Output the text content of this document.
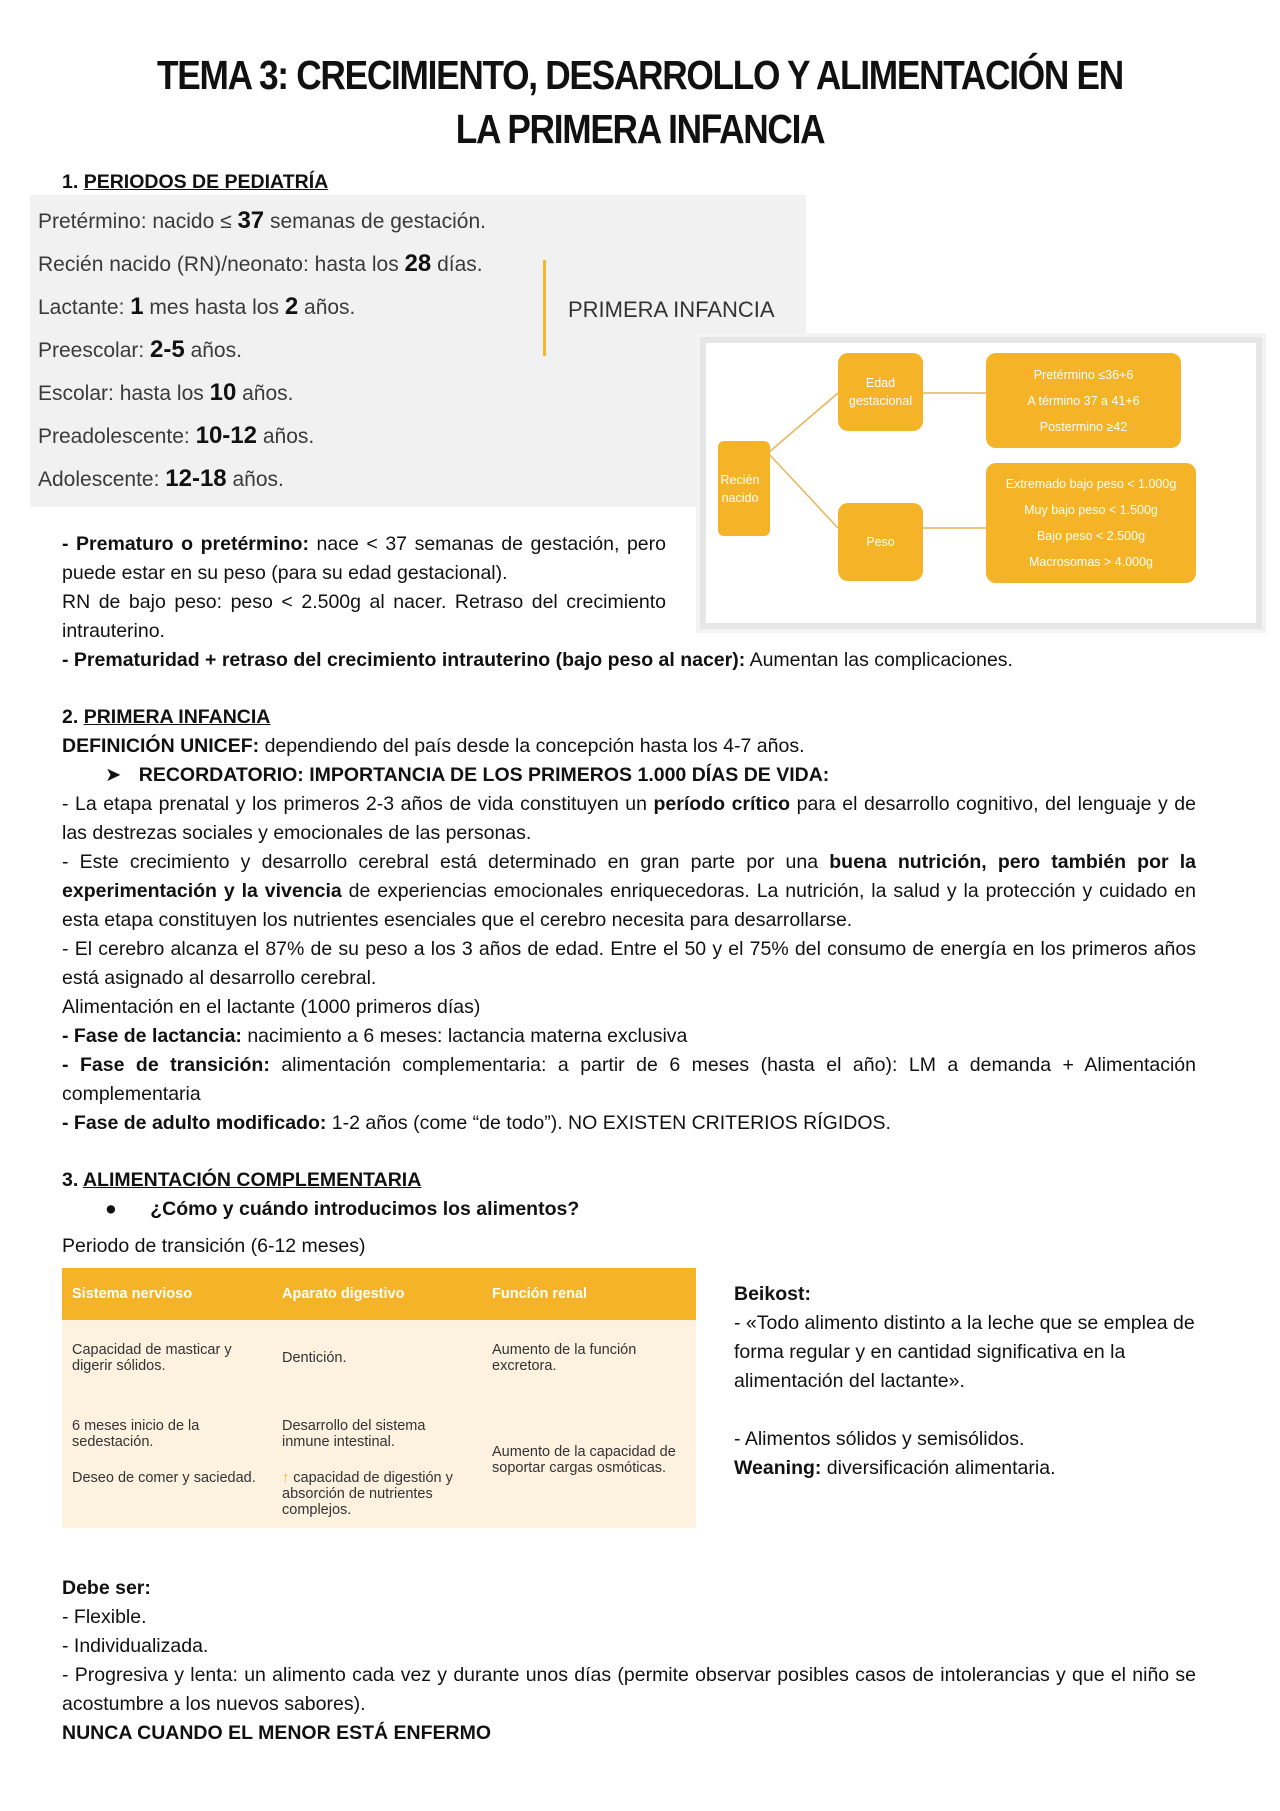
TEMA 3: CRECIMIENTO, DESARROLLO Y ALIMENTACIÓN EN LA PRIMERA INFANCIA
1. PERIODOS DE PEDIATRÍA
Pretérmino: nacido ≤ 37 semanas de gestación.
Recién nacido (RN)/neonato: hasta los 28 días.
Lactante: 1 mes hasta los 2 años.
Preescolar: 2-5 años.
Escolar: hasta los 10 años.
Preadolescente: 10-12 años.
Adolescente: 12-18 años.
PRIMERA INFANCIA
Recién nacido
Edad gestacional
Peso
Pretérmino ≤36+6
A término 37 a 41+6
Postermino ≥42
Extremado bajo peso < 1.000g
Muy bajo peso < 1.500g
Bajo peso < 2.500g
Macrosomas > 4.000g
- Prematuro o pretérmino: nace < 37 semanas de gestación, pero puede estar en su peso (para su edad gestacional).
RN de bajo peso: peso < 2.500g al nacer. Retraso del crecimiento intrauterino.
- Prematuridad + retraso del crecimiento intrauterino (bajo peso al nacer): Aumentan las complicaciones.
2. PRIMERA INFANCIA
DEFINICIÓN UNICEF: dependiendo del país desde la concepción hasta los 4-7 años.
➤ RECORDATORIO: IMPORTANCIA DE LOS PRIMEROS 1.000 DÍAS DE VIDA:
- La etapa prenatal y los primeros 2-3 años de vida constituyen un período crítico para el desarrollo cognitivo, del lenguaje y de las destrezas sociales y emocionales de las personas.
- Este crecimiento y desarrollo cerebral está determinado en gran parte por una buena nutrición, pero también por la experimentación y la vivencia de experiencias emocionales enriquecedoras. La nutrición, la salud y la protección y cuidado en esta etapa constituyen los nutrientes esenciales que el cerebro necesita para desarrollarse.
- El cerebro alcanza el 87% de su peso a los 3 años de edad. Entre el 50 y el 75% del consumo de energía en los primeros años está asignado al desarrollo cerebral.
Alimentación en el lactante (1000 primeros días)
- Fase de lactancia: nacimiento a 6 meses: lactancia materna exclusiva
- Fase de transición: alimentación complementaria: a partir de 6 meses (hasta el año): LM a demanda + Alimentación complementaria
- Fase de adulto modificado: 1-2 años (come “de todo”). NO EXISTEN CRITERIOS RÍGIDOS.
3. ALIMENTACIÓN COMPLEMENTARIA
● ¿Cómo y cuándo introducimos los alimentos?
Periodo de transición (6-12 meses)
Sistema nervioso	Aparato digestivo	Función renal
Capacidad de masticar y digerir sólidos.	Dentición.	Aumento de la función excretora.
6 meses inicio de la sedestación.	Desarrollo del sistema inmune intestinal.	Aumento de la capacidad de soportar cargas osmóticas.
Deseo de comer y saciedad.	↑ capacidad de digestión y absorción de nutrientes complejos.	
Beikost:
- «Todo alimento distinto a la leche que se emplea de forma regular y en cantidad significativa en la alimentación del lactante».
- Alimentos sólidos y semisólidos.
Weaning: diversificación alimentaria.
Debe ser:
- Flexible.
- Individualizada.
- Progresiva y lenta: un alimento cada vez y durante unos días (permite observar posibles casos de intolerancias y que el niño se acostumbre a los nuevos sabores).
NUNCA CUANDO EL MENOR ESTÁ ENFERMO
